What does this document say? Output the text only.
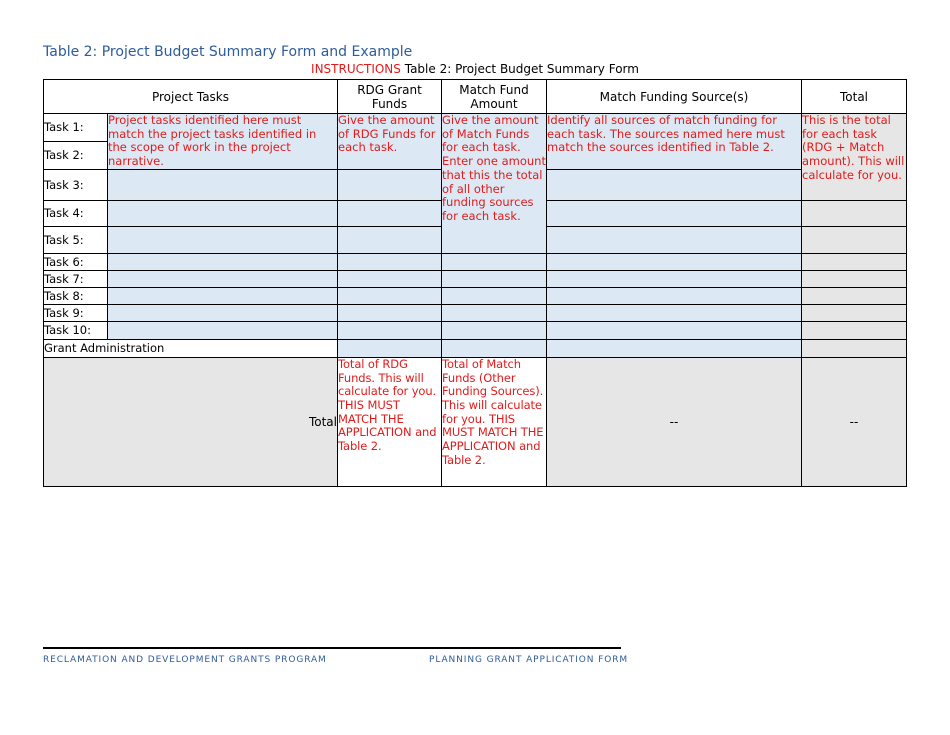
Table 2: Project Budget Summary Form and Example
INSTRUCTIONS Table 2: Project Budget Summary Form
Project Tasks		RDG Grant Funds	Match Fund Amount	Match Funding Source(s)	Total
Task 1:	Project tasks identified here must match the project tasks identified in the scope of work in the project narrative.	Give the amount of RDG Funds for each task.	Give the amount of Match Funds for each task. Enter one amount that this the total of all other funding sources for each task.	Identify all sources of match funding for each task. The sources named here must match the sources identified in Table 2.	This is the total for each task (RDG + Match amount). This will calculate for you.
Task 2:					
Task 3:					
Task 4:					
Task 5:					
Task 6:					
Task 7:					
Task 8:					
Task 9:					
Task 10:					
Grant Administration					
Total		Total of RDG Funds. This will calculate for you. THIS MUST MATCH THE APPLICATION and Table 2.	Total of Match Funds (Other Funding Sources). This will calculate for you. THIS MUST MATCH THE APPLICATION and Table 2.	--	--
RECLAMATION AND DEVELOPMENT GRANTS PROGRAM	PLANNING GRANT APPLICATION FORM
